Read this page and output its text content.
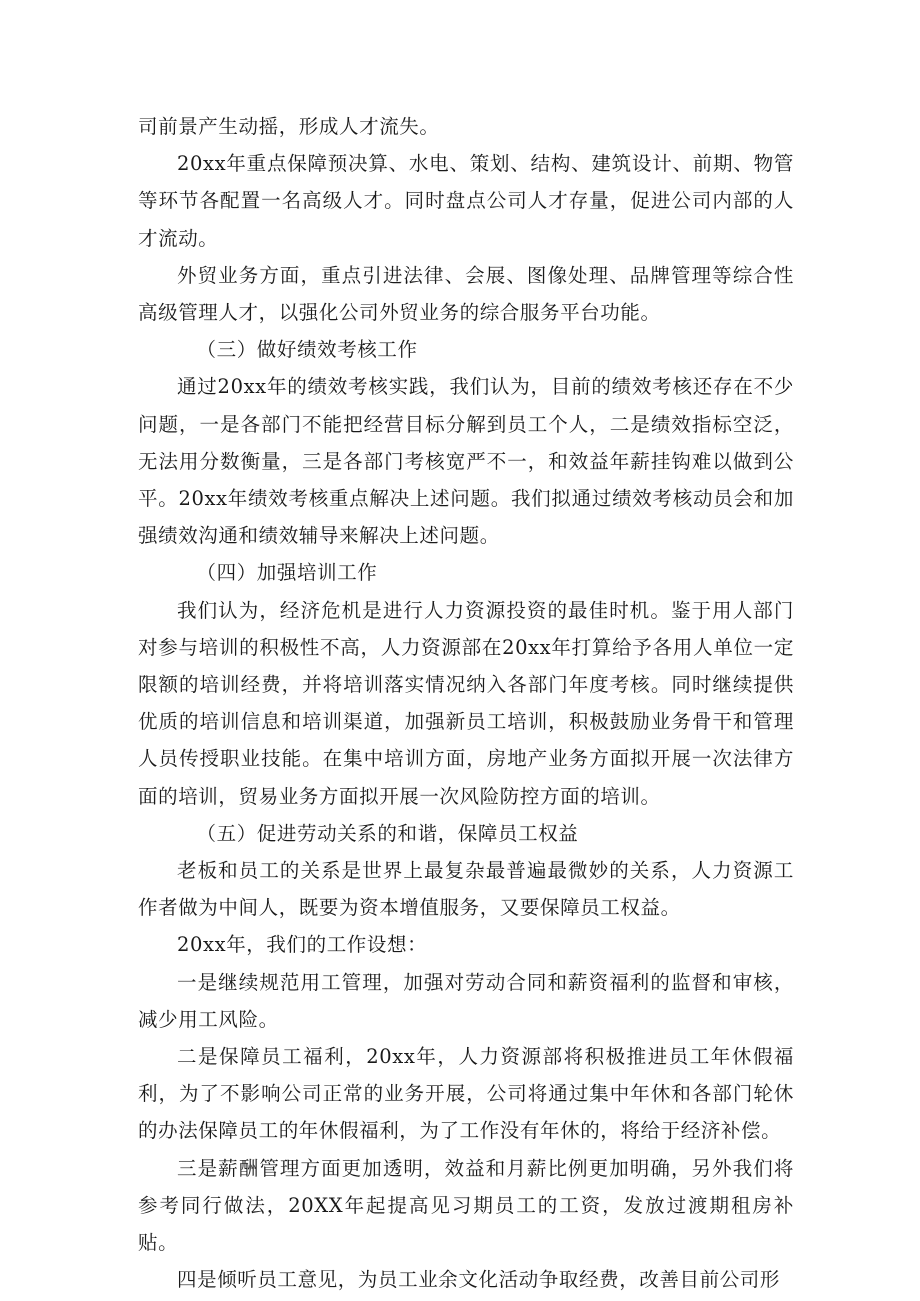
司前景产生动摇，形成人才流失。

20xx年重点保障预决算、水电、策划、结构、建筑设计、前期、物管等环节各配置一名高级人才。同时盘点公司人才存量，促进公司内部的人才流动。

外贸业务方面，重点引进法律、会展、图像处理、品牌管理等综合性高级管理人才，以强化公司外贸业务的综合服务平台功能。

（三）做好绩效考核工作

通过20xx年的绩效考核实践，我们认为，目前的绩效考核还存在不少问题，一是各部门不能把经营目标分解到员工个人，二是绩效指标空泛，无法用分数衡量，三是各部门考核宽严不一，和效益年薪挂钩难以做到公平。20xx年绩效考核重点解决上述问题。我们拟通过绩效考核动员会和加强绩效沟通和绩效辅导来解决上述问题。

（四）加强培训工作

我们认为，经济危机是进行人力资源投资的最佳时机。鉴于用人部门对参与培训的积极性不高，人力资源部在20xx年打算给予各用人单位一定限额的培训经费，并将培训落实情况纳入各部门年度考核。同时继续提供优质的培训信息和培训渠道，加强新员工培训，积极鼓励业务骨干和管理人员传授职业技能。在集中培训方面，房地产业务方面拟开展一次法律方面的培训，贸易业务方面拟开展一次风险防控方面的培训。

（五）促进劳动关系的和谐，保障员工权益

老板和员工的关系是世界上最复杂最普遍最微妙的关系，人力资源工作者做为中间人，既要为资本增值服务，又要保障员工权益。

20xx年，我们的工作设想：

一是继续规范用工管理，加强对劳动合同和薪资福利的监督和审核，减少用工风险。

二是保障员工福利，20xx年，人力资源部将积极推进员工年休假福利，为了不影响公司正常的业务开展，公司将通过集中年休和各部门轮休的办法保障员工的年休假福利，为了工作没有年休的，将给于经济补偿。

三是薪酬管理方面更加透明，效益和月薪比例更加明确，另外我们将参考同行做法，20XX年起提高见习期员工的工资，发放过渡期租房补贴。

四是倾听员工意见，为员工业余文化活动争取经费，改善目前公司形
